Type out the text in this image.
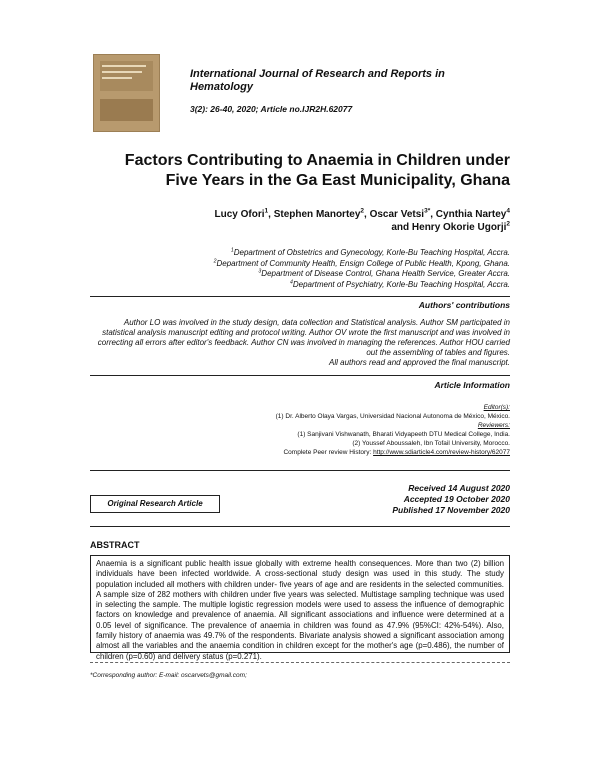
International Journal of Research and Reports in Hematology
3(2): 26-40, 2020; Article no.IJR2H.62077
Factors Contributing to Anaemia in Children under Five Years in the Ga East Municipality, Ghana
Lucy Ofori$^1$, Stephen Manortey$^2$, Oscar Vetsi$^{3*}$, Cynthia Nartey$^4$
and Henry Okorie Ugorji$^2$
$^1$Department of Obstetrics and Gynecology, Korle-Bu Teaching Hospital, Accra.
$^2$Department of Community Health, Ensign College of Public Health, Kpong, Ghana.
$^3$Department of Disease Control, Ghana Health Service, Greater Accra.
$^4$Department of Psychiatry, Korle-Bu Teaching Hospital, Accra.
Authors' contributions
Author LO was involved in the study design, data collection and Statistical analysis. Author SM participated in statistical analysis manuscript editing and protocol writing. Author OV wrote the first manuscript and was involved in correcting all errors after editor's feedback. Author CN was involved in managing the references. Author HOU carried out the assembling of tables and figures.
All authors read and approved the final manuscript.
Article Information
Editor(s):
(1) Dr. Alberto Olaya Vargas, Universidad Nacional Autonoma de México, México.
Reviewers:
(1) Sanjivani Vishwanath, Bharati Vidyapeeth DTU Medical College, India.
(2) Youssef Aboussaleh, Ibn Tofail University, Morocco.
Complete Peer review History: http://www.sdiarticle4.com/review-history/62077
Original Research Article
Received 14 August 2020
Accepted 19 October 2020
Published 17 November 2020
ABSTRACT
Anaemia is a significant public health issue globally with extreme health consequences. More than two (2) billion individuals have been infected worldwide. A cross-sectional study design was used in this study. The study population included all mothers with children under- five years of age and are residents in the selected communities. A sample size of 282 mothers with children under five years was selected. Multistage sampling technique was used in selecting the sample. The multiple logistic regression models were used to assess the influence of demographic factors on knowledge and prevalence of anaemia. All significant associations and influence were determined at a 0.05 level of significance. The prevalence of anaemia in children was found as 47.9% (95%CI: 42%-54%). Also, family history of anaemia was 49.7% of the respondents. Bivariate analysis showed a significant association among almost all the variables and the anaemia condition in children except for the mother's age (p=0.486), the number of children (p=0.60) and delivery status (p=0.271).
*Corresponding author: E-mail: oscarvets@gmail.com;
